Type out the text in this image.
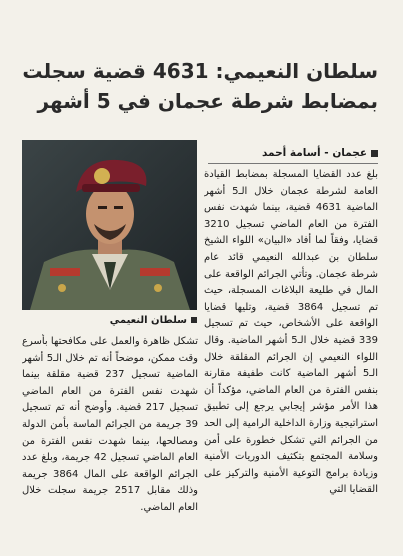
سلطان النعيمي: 4631 قضية سجلت
بمضابط شرطة عجمان في 5 أشهر
عجمان - أسامة أحمد
سلطان النعيمي

بلغ عدد القضايا المسجلة بمضابط القيادة العامة لشرطة عجمان خلال الـ5 أشهر الماضية 4631 قضية، بينما شهدت نفس الفترة من العام الماضي تسجيل 3210 قضايا، وفقاً لما أفاد «البيان» اللواء الشيخ سلطان بن عبدالله النعيمي قائد عام شرطة عجمان. وتأتي الجرائم الواقعة على المال في طليعة البلاغات المسجلة، حيث تم تسجيل 3864 قضية، وتليها قضايا الواقعة على الأشخاص، حيث تم تسجيل 339 قضية خلال الـ5 أشهر الماضية. وقال اللواء النعيمي إن الجرائم المقلقة خلال الـ5 أشهر الماضية كانت طفيفة مقارنة بنفس الفترة من العام الماضي، مؤكداً أن هذا الأمر مؤشر إيجابي يرجع إلى تطبيق استراتيجية وزارة الداخلية الرامية إلى الحد من الجرائم التي تشكل خطورة على أمن وسلامة المجتمع بتكثيف الدوريات الأمنية وزيادة برامج التوعية الأمنية والتركيز على القضايا التي

تشكل ظاهرة والعمل على مكافحتها بأسرع وقت ممكن، موضحاً أنه تم خلال الـ5 أشهر الماضية تسجيل 237 قضية مقلقة بينما شهدت نفس الفترة من العام الماضي تسجيل 217 قضية. وأوضح أنه تم تسجيل 39 جريمة من الجرائم الماسة بأمن الدولة ومصالحها، بينما شهدت نفس الفترة من العام الماضي تسجيل 42 جريمة، وبلغ عدد الجرائم الواقعة على المال 3864 جريمة وذلك مقابل 2517 جريمة سجلت خلال العام الماضي.
